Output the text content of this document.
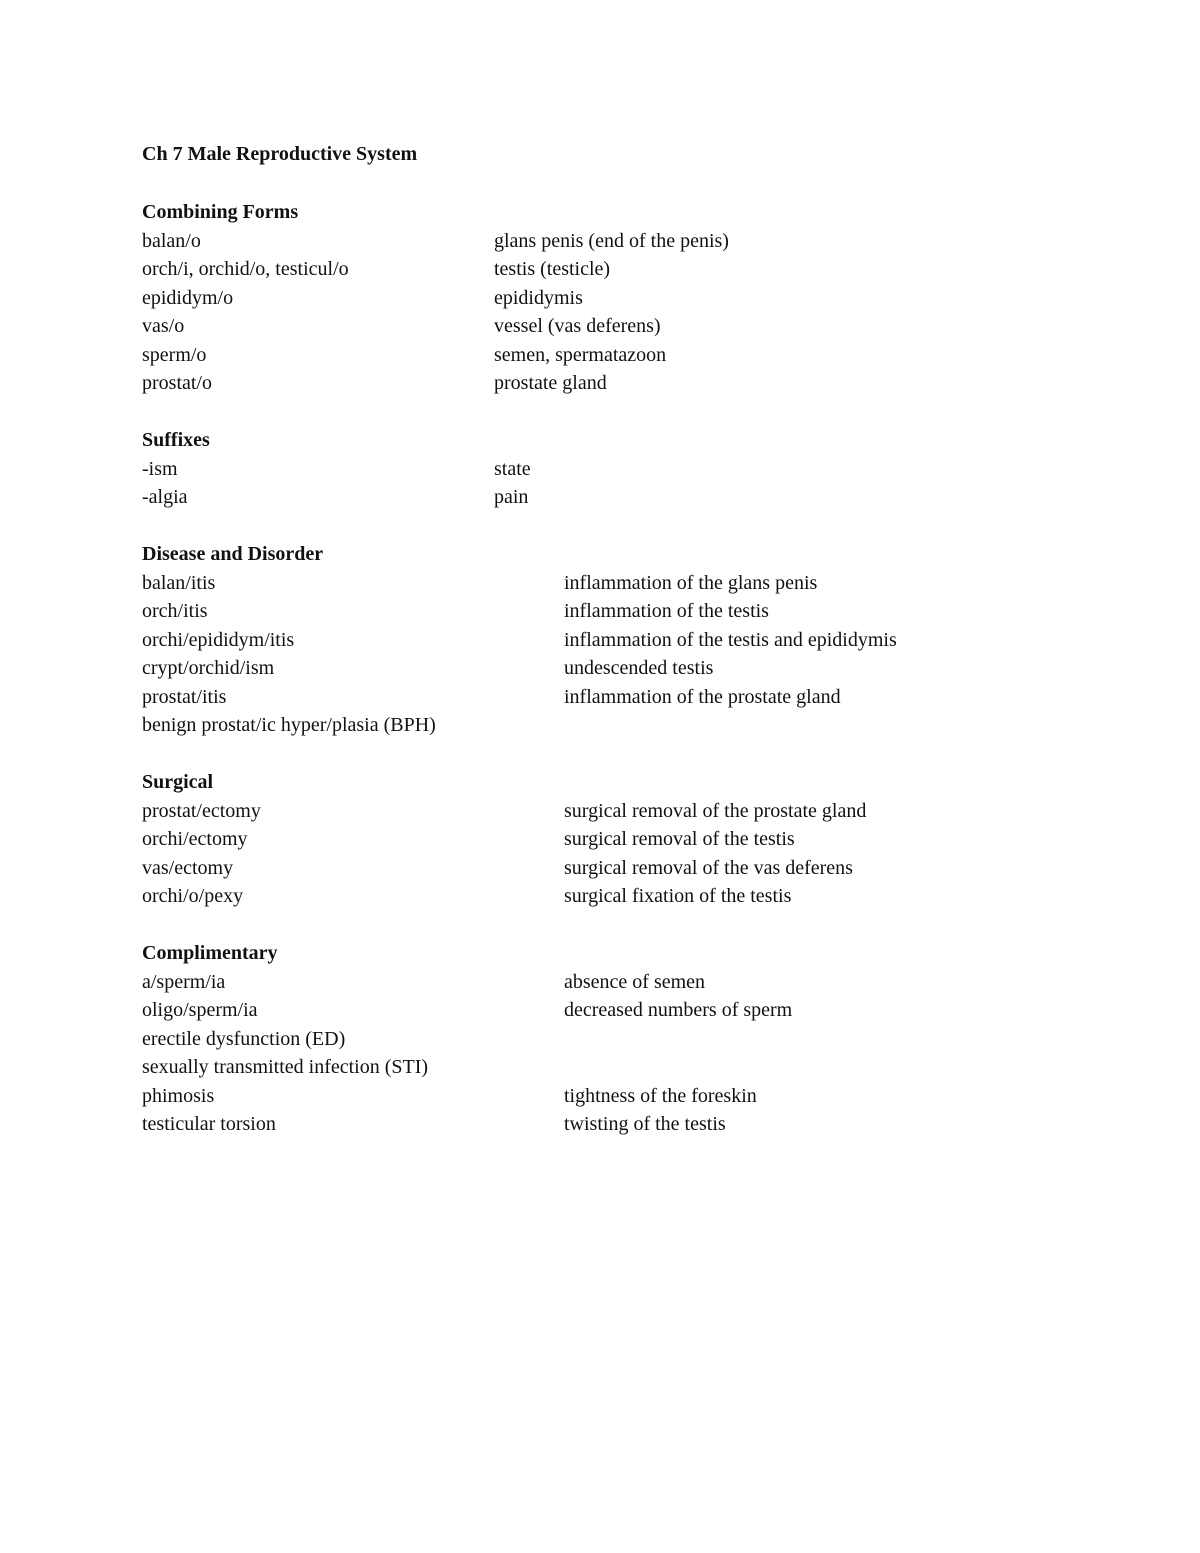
Ch 7 Male Reproductive System
Combining Forms
balan/o	glans penis (end of the penis)
orch/i, orchid/o, testicul/o	testis (testicle)
epididym/o	epididymis
vas/o	vessel (vas deferens)
sperm/o	semen, spermatazoon
prostat/o	prostate gland
Suffixes
-ism	state
-algia	pain
Disease and Disorder
balan/itis	inflammation of the glans penis
orch/itis	inflammation of the testis
orchi/epididym/itis	inflammation of the testis and epididymis
crypt/orchid/ism	undescended testis
prostat/itis	inflammation of the prostate gland
benign prostat/ic hyper/plasia (BPH)
Surgical
prostat/ectomy	surgical removal of the prostate gland
orchi/ectomy	surgical removal of the testis
vas/ectomy	surgical removal of the vas deferens
orchi/o/pexy	surgical fixation of the testis
Complimentary
a/sperm/ia	absence of semen
oligo/sperm/ia	decreased numbers of sperm
erectile dysfunction (ED)
sexually transmitted infection (STI)
phimosis	tightness of the foreskin
testicular torsion	twisting of the testis
